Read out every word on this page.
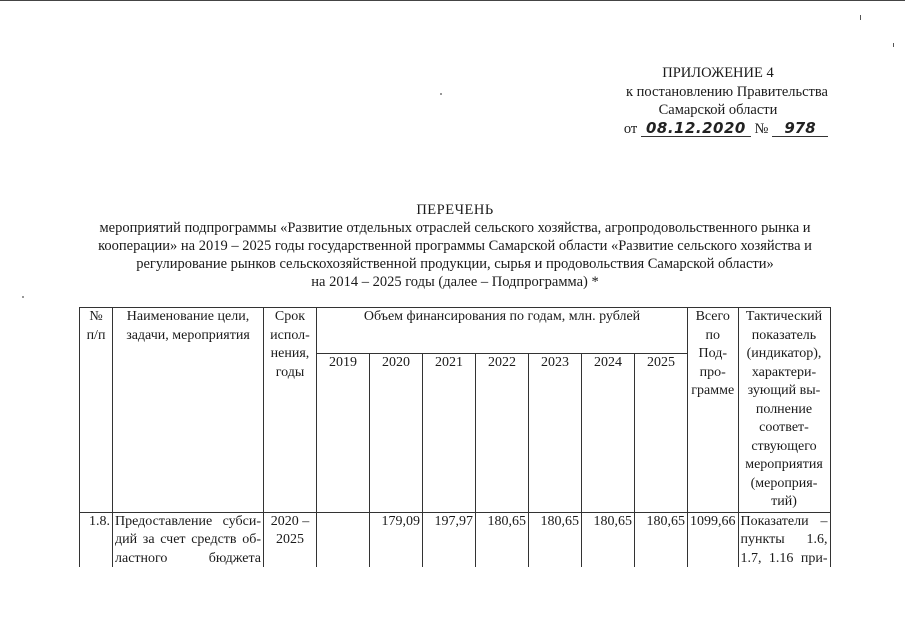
ПРИЛОЖЕНИЕ 4
к постановлению Правительства
Самарской области
от 08.12.2020 № 978
ПЕРЕЧЕНЬ
мероприятий подпрограммы «Развитие отдельных отраслей сельского хозяйства, агропродовольственного рынка и
кооперации» на 2019 – 2025 годы государственной программы Самарской области «Развитие сельского хозяйства и
регулирование рынков сельскохозяйственной продукции, сырья и продовольствия Самарской области»
на 2014 – 2025 годы (далее – Подпрограмма) *
№ п/п	Наименование цели, задачи, мероприятия	Срок испол- нения, годы	Объем финансирования по годам, млн. рублей							Всего по Под- про- грамме	Тактический показатель (индикатор), характери- зующий вы- полнение соответ- ствующего мероприятия (мероприя- тий)
			2019	2020	2021	2022	2023	2024	2025		
1.8.	Предоставление субси- дий за счет средств об- ластного бюджета	2020 – 2025		179,09	197,97	180,65	180,65	180,65	180,65	1099,66	Показатели – пункты 1.6, 1.7, 1.16 при-
